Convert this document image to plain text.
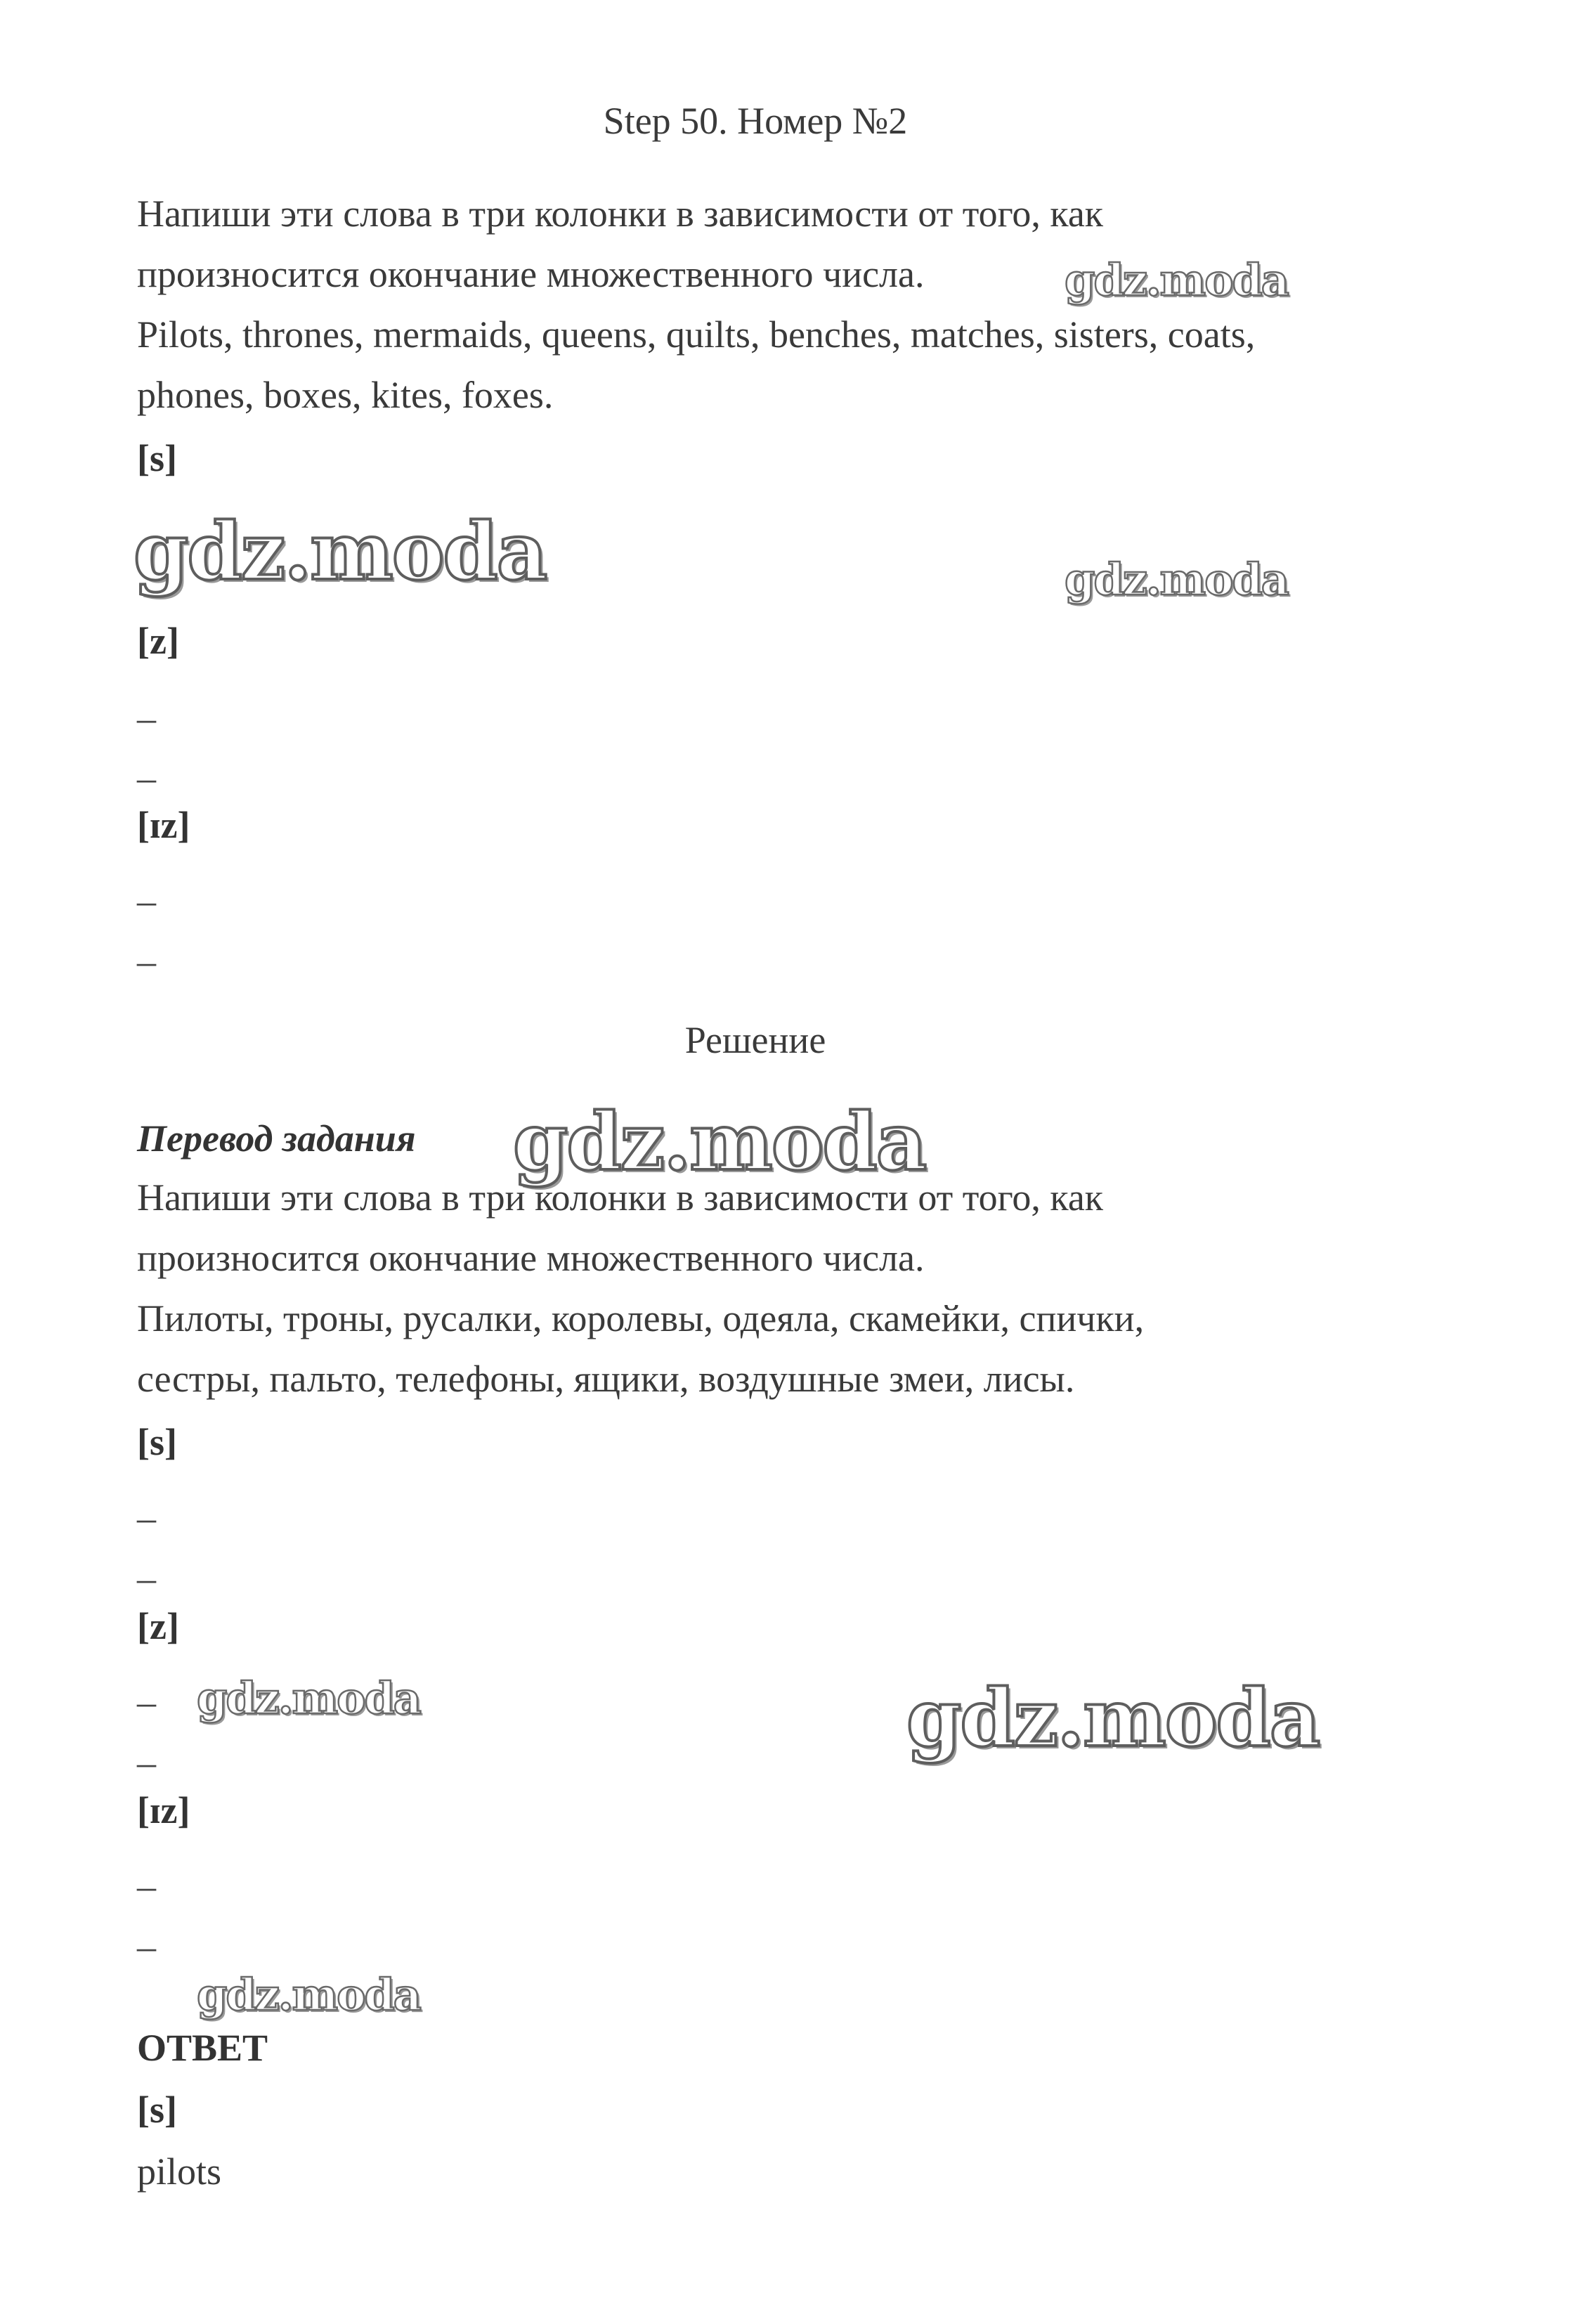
Step 50. Номер №2
Напиши эти слова в три колонки в зависимости от того, как
произносится окончание множественного числа.
Pilots, thrones, mermaids, queens, quilts, benches, matches, sisters, coats,
phones, boxes, kites, foxes.
[s]
[z]
–
–
[ɪz]
–
–
Решение
Перевод задания
Напиши эти слова в три колонки в зависимости от того, как
произносится окончание множественного числа.
Пилоты, троны, русалки, королевы, одеяла, скамейки, спички,
сестры, пальто, телефоны, ящики, воздушные змеи, лисы.
[s]
–
–
[z]
–
–
[ɪz]
–
–
ОТВЕТ
[s]
pilots
gdz.moda
gdz.moda	gdz.moda
gdz.moda
gdz.moda	gdz.moda
gdz.moda
